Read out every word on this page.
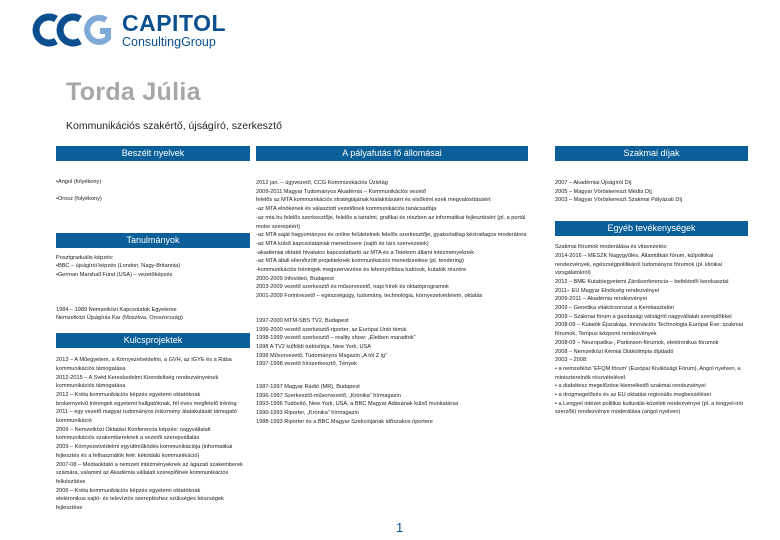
CAPITOL
ConsultingGroup
Torda Júlia
Kommunikációs szakértő, újságíró, szerkesztő
Beszélt nyelvek

•Angol (folyékony)

•Orosz (folyékony)

Tanulmányok
Posztgraduális képzés:
•BBC – újságírói képzés (London, Nagy-Britannia)
•German Marshall Fund (USA) – vezetőképzés

1984 – 1989 Nemzetközi Kapcsolatok Egyeteme
Nemzetközi Újságírás Kar (Moszkva, Oroszország)
Kulcsprojektek
2013 – A Műegyetem, a Környezetvédelmi, a GVH, az IGYE és a Rába kommunikációs támogatása
2012-2015 – A Svéd Kereskedelmi Kirendeltség rendezvényeinek kommunikációs támogatása
2012 – Kréta kommunikációs képzés egyetemi oktatóknak
brokernyelvű tréningek egyetemi hallgatóknak, fél éves megfelelő tréning
2011 – egy vezető magyar tudományos intézmény átalakulását támogató kommunikáció
2009 – Nemzetközi Oktatási Konferencia képzés: nagyvállalati kommunikációs szakembereknek a vezetői szerepvállalás
2009 – Környezetvédelmi együttműködés kommunikációja (informatikai fejlesztés és a felhasználók felé: kétoldalú kommunikáció)
2007-08 – Médiaoktató a nemzeti intézményeknek az ágazati szakemberek számára, valamint az Akadémia vállalati szereplőinek kommunikációs felkészítése
2006 – Kréta kommunikációs képzés egyetemi oktatóknak
elektronikus sajtó- és televíziós szerepléshez szükséges készségek fejlesztése
A pályafutás fő állomásai
2012 jan. – ügyvezető, CCG Kommunikációs Üzletág
2009-2011 Magyar Tudományos Akadémia – Kommunikációs vezető
felelős az MTA kommunikációs stratégiájának kialakításáért és elsőként ezek megvalósításáért
-az MTA elnökének és választott vezetőinek kommunikációs tanácsadója
-az mta.hu felelős szerkesztője, felelős a tartalmi, grafikai és részben az informatikai fejlesztésért (pl. a portál motor szerepéért)
-az MTA saját hagyományos és online felületeinek felelős szerkesztője, gyakorlatilag kéziratlagos moderátora
-az MTA külső kapcsolatainak menedzsere (sajtó és társ szervezetek)
-akadémiai oktatói hivatalos kapcsolattartó az MTA és a Telekom állami intézményeknek
-az MTA általi ellenőrzött projekteknek kommunikációs menedzselése (pl. tendering)
-kommunikációs tréningek megszervezése és lebonyolítása tudósok, kutatók részére
2000-2009 Infovideó, Budapest
2003-2009 vezető szerkesztő és műsorvezető, napi hírek és oktatóprogramok
2001-2009 Forintvezető – egészségügy, tudomány, technológia, környezetvédelem, oktatás
1997-2000 MTM-SBS TV2, Budapest
1999-2000 vezető szerkesztő-riporter, az Európai Unió témái
1998-1999 vezető szerkesztő – reality show: „Életben maradtok”
1998 A TV2 külföldi tudósítója, New York, USA
1998 Műsorvezető, Tudományos Magazin „A tól Z ig”
1997-1998 vezető hírszerkesztő, Tények
1987-1997 Magyar Rádió (MR), Budapest
1996-1997 Szerkesztő-műsorvezető, „Krónika” hírmagazin
1993-1996 Tudósító, New York, USA, a BBC Magyar Adásának külső munkatársa
1990-1993 Riporter, „Krónika” hírmagazin
1988-1993 Riporter és a BBC Magyar Szekciójának időszakos riportere
Szakmai díjak
2007 – Akadémiai Újságírói Díj
2005 – Magyar Vöröskereszt Média Díj
2003 – Magyar Vöröskereszt Szakmai Pályázati Díj
Egyéb tevékenységek
Szakmai fórumok moderálása és vitavezetés:
2014-2016 – MESZK Nagygyűlés, Államtitkári fórum, külpolitikai rendezvények, egészségpolitikáról tudományos fórumok (pl. klinikai vizsgálatokról)
2012 – BME Kutatóegyetemi Zárókonferencia – befektetői kerekasztal
2011– EU Magyar Elnökség rendezvényei
2009-2011 – Akadémia rendezvényei
2009 – Genetika vitakörsorozat a Kerekasztalon
2009 – Szakmai fórum a gazdasági válságról nagyvállalati szereplőkkel
2008-09 – Kutatók Éjszakája, Innovációs Technológia Európai Éve: szakmai fórumok, Tempus központi rendezvények
2008-09 – Neuropatika-, Parkinson-fórumok, elektronikus fórumok
2008 – Nemzetközi Kémiai Diákolimpia díjátadó
2003 – 2008:
• a nemzetközi 'EFQM fórum' (Európai Kiválósági Fórum), Angol nyelven, a miniszterelnök részvételével.
• a diabétesz megelőzése kiemelkedő szakmai rendezvényei
• a drogmegelőzés és az EU oktatási regionális megbeszélései
• a Lengyel intézet politikai kulturális-közéleti rendezvényei (pl. a lengyel-irói szerzők) rendezvénye moderálása (angol nyelven)
1
